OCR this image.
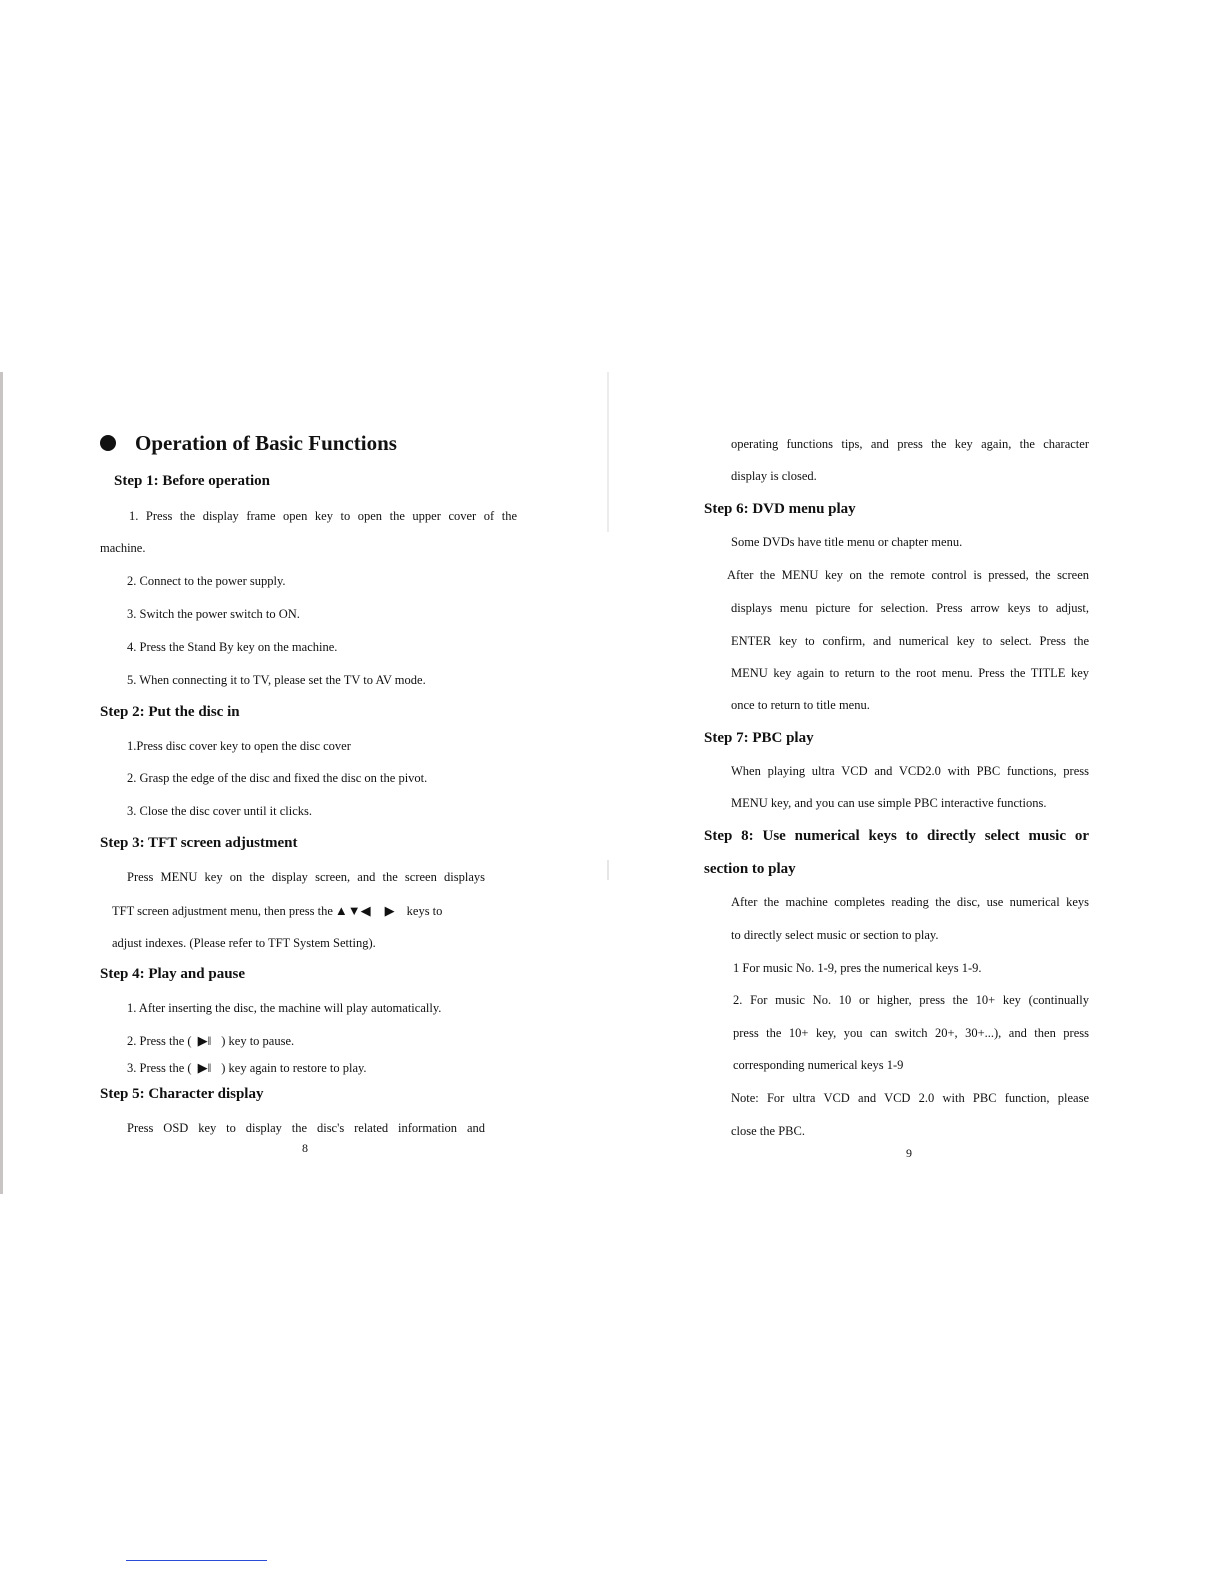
Operation of Basic Functions
Step 1: Before operation
1. Press the display frame open key to open the upper cover of the
machine.
2. Connect to the power supply.
3. Switch the power switch to ON.
4. Press the Stand By key on the machine.
5. When connecting it to TV, please set the TV to AV mode.
Step 2: Put the disc in
1.Press disc cover key to open the disc cover
2. Grasp the edge of the disc and fixed the disc on the pivot.
3. Close the disc cover until it clicks.
Step 3: TFT screen adjustment
Press MENU key on the display screen, and the screen displays
TFT screen adjustment menu, then press the ▲▼◀ ▶ keys to
adjust indexes. (Please refer to TFT System Setting).
Step 4: Play and pause
1. After inserting the disc, the machine will play automatically.
2. Press the ( ▶‖ ) key to pause.
3. Press the ( ▶‖ ) key again to restore to play.
Step 5: Character display
Press OSD key to display the disc's related information and
8
operating functions tips, and press the key again, the character
display is closed.
Step 6: DVD menu play
Some DVDs have title menu or chapter menu.
After the MENU key on the remote control is pressed, the screen
displays menu picture for selection. Press arrow keys to adjust,
ENTER key to confirm, and numerical key to select. Press the
MENU key again to return to the root menu. Press the TITLE key
once to return to title menu.
Step 7: PBC play
When playing ultra VCD and VCD2.0 with PBC functions, press
MENU key, and you can use simple PBC interactive functions.
Step 8: Use numerical keys to directly select music or
section to play
After the machine completes reading the disc, use numerical keys
to directly select music or section to play.
1 For music No. 1-9, pres the numerical keys 1-9.
2. For music No. 10 or higher, press the 10+ key (continually
press the 10+ key, you can switch 20+, 30+...), and then press
corresponding numerical keys 1-9
Note: For ultra VCD and VCD 2.0 with PBC function, please
close the PBC.
9
